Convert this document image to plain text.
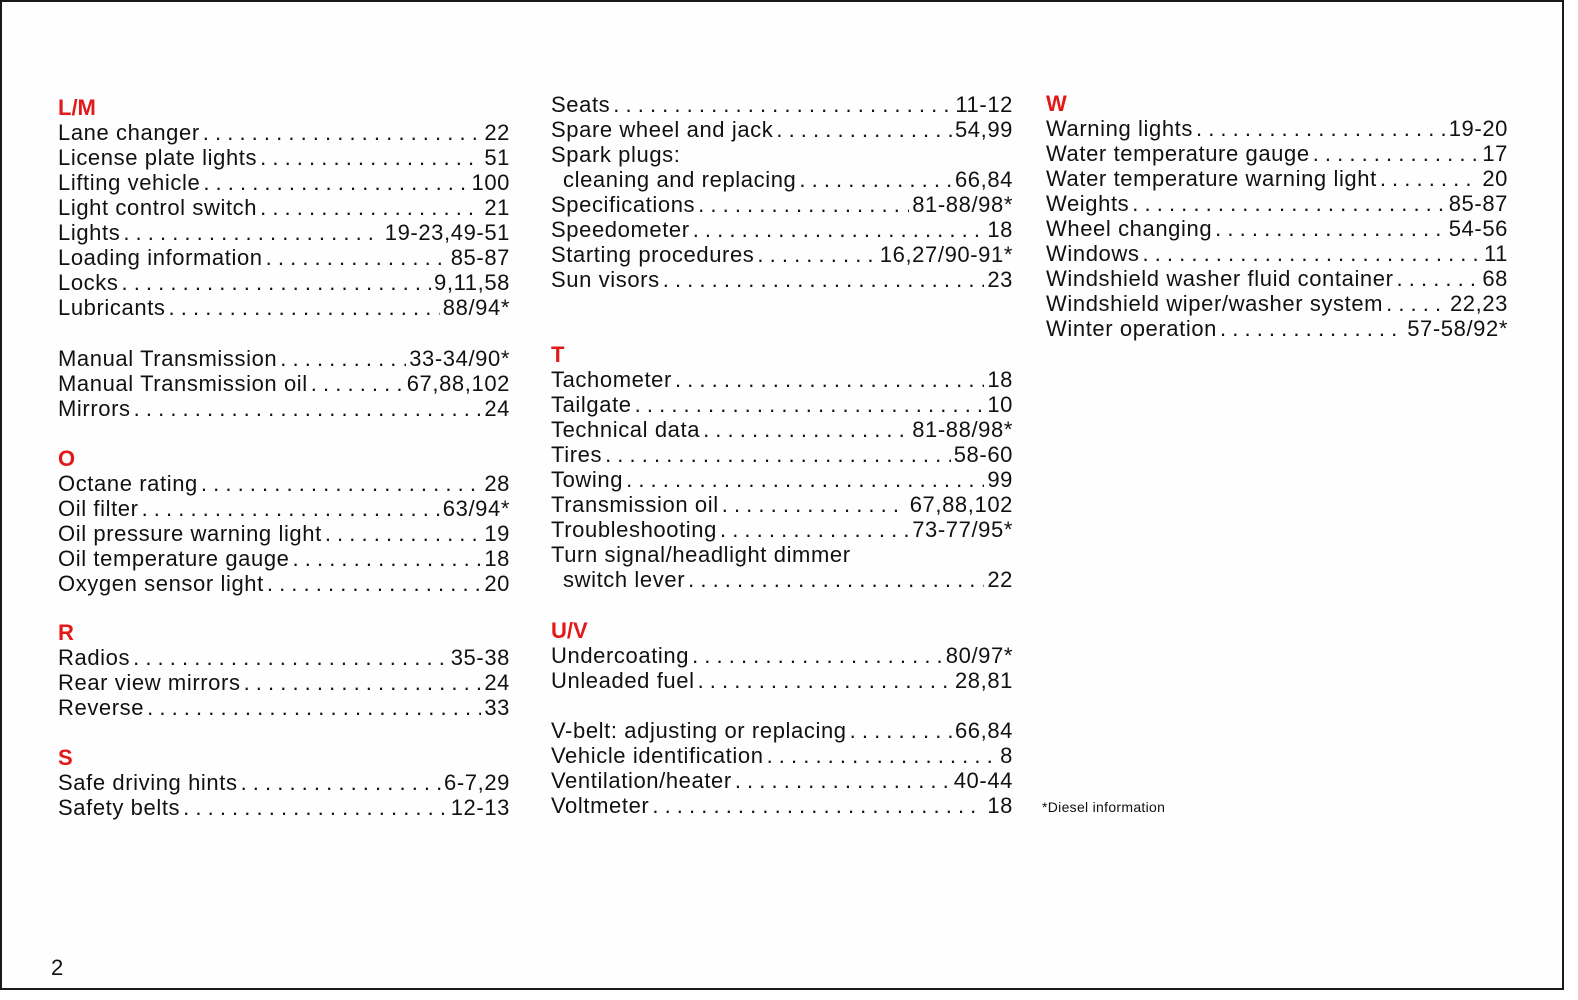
L/M
Lane changer . . .	22
License plate lights . . .	51
Lifting vehicle . . .	100
Light control switch . . .	21
Lights . . .	19-23,49-51
Loading information . . .	85-87
Locks . . .	9,11,58
Lubricants . . .	88/94*
Manual Transmission . . .	33-34/90*
Manual Transmission oil . . .	67,88,102
Mirrors . . .	24
O
Octane rating . . .	28
Oil filter . . .	63/94*
Oil pressure warning light . . .	19
Oil temperature gauge . . .	18
Oxygen sensor light . . .	20
R
Radios . . .	35-38
Rear view mirrors . . .	24
Reverse . . .	33
S
Safe driving hints . . .	6-7,29
Safety belts . . .	12-13
Seats . . .	11-12
Spare wheel and jack . . .	54,99
Spark plugs:
cleaning and replacing . . .	66,84
Specifications . . .	81-88/98*
Speedometer . . .	18
Starting procedures . . .	16,27/90-91*
Sun visors . . .	23
T
Tachometer . . .	18
Tailgate . . .	10
Technical data . . .	81-88/98*
Tires . . .	58-60
Towing . . .	99
Transmission oil . . .	67,88,102
Troubleshooting . . .	73-77/95*
Turn signal/headlight dimmer
switch lever . . .	22
U/V
Undercoating . . .	80/97*
Unleaded fuel . . .	28,81
V-belt: adjusting or replacing . . .	66,84
Vehicle identification . . .	8
Ventilation/heater . . .	40-44
Voltmeter . . .	18
W
Warning lights . . .	19-20
Water temperature gauge . . .	17
Water temperature warning light . . .	20
Weights . . .	85-87
Wheel changing . . .	54-56
Windows . . .	11
Windshield washer fluid container . . .	68
Windshield wiper/washer system . . .	22,23
Winter operation . . .	57-58/92*
*Diesel information
2
